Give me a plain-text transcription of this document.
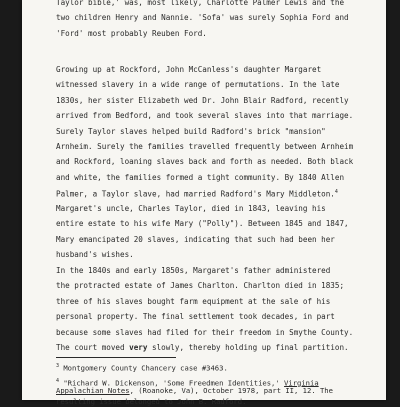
Taylor bible,' was, most likely, Charlotte Palmer Lewis and the
two children Henry and Nannie. 'Sofa' was surely Sophia Ford and
'Ford' most probably Reuben Ford.
Growing up at Rockford, John McCanless's daughter Margaret
witnessed slavery in a wide range of permutations. In the late
1830s, her sister Elizabeth wed Dr. John Blair Radford, recently
arrived from Bedford, and took several slaves into that marriage.
Surely Taylor slaves helped build Radford's brick "mansion"
Arnheim. Surely the families travelled frequently between Arnheim
and Rockford, loaning slaves back and forth as needed. Both black
and white, the families formed a tight community. By 1840 Allen
Palmer, a Taylor slave, had married Radford's Mary Middleton.$^4$
Margaret's uncle, Charles Taylor, died in 1843, leaving his
entire estate to his wife Mary ("Polly"). Between 1845 and 1847,
Mary emancipated 20 slaves, indicating that such had been her
husband's wishes.
In the 1840s and early 1850s, Margaret's father administered
the protracted estate of James Charlton. Charlton died in 1835;
three of his slaves bought farm equipment at the sale of his
personal property. The final settlement took decades, in part
because some slaves had filed for their freedom in Smythe County.
The court moved very slowly, thereby holding up final partition.
$^3$ Montgomery County Chancery case #3463.
$^4$ "Richard W. Dickenson, 'Some Freedmen Identities,' Virginia
Appalachian Notes, (Roanoke, Va), October 1978, part II, 12. The
resulting issue belonged to John B. Radford.
